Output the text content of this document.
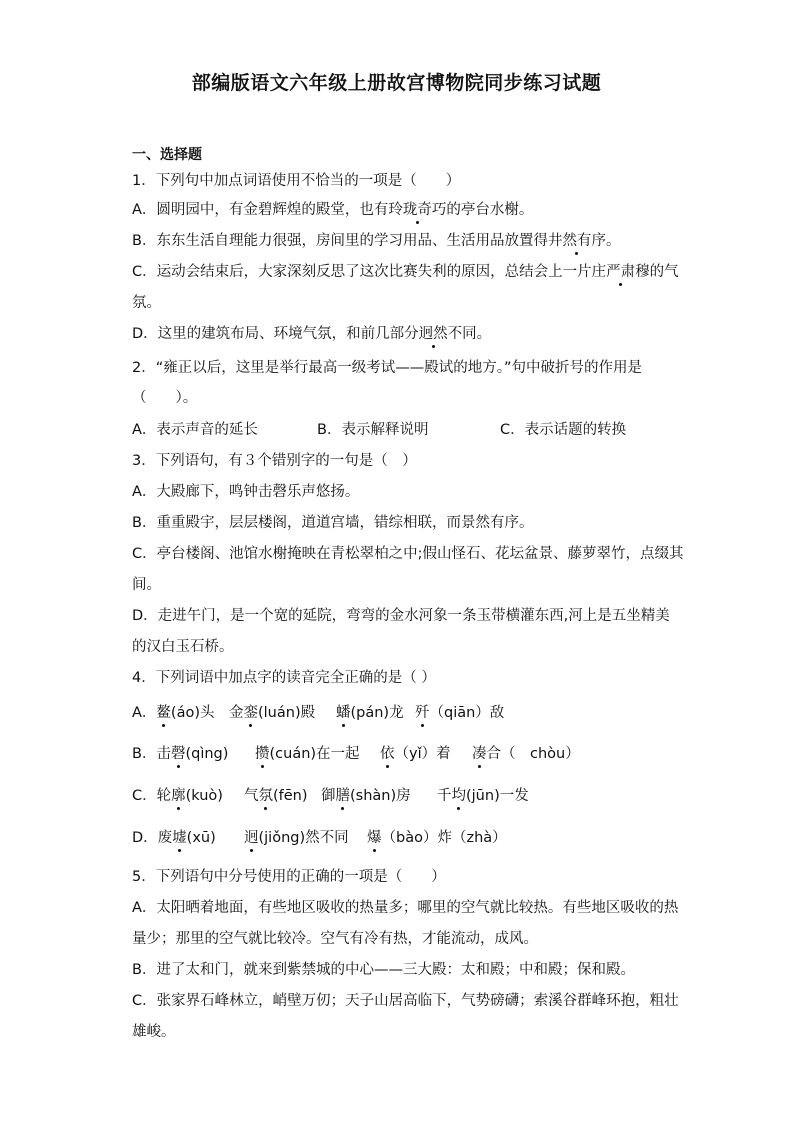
部编版语文六年级上册故宫博物院同步练习试题
一、选择题
1．下列句中加点词语使用不恰当的一项是（　　）
A．圆明园中，有金碧辉煌的殿堂，也有玲珑奇巧的亭台水榭。
B．东东生活自理能力很强，房间里的学习用品、生活用品放置得井然有序。
C．运动会结束后，大家深刻反思了这次比赛失利的原因，总结会上一片庄严肃穆的气
氛。
D．这里的建筑布局、环境气氛，和前几部分迥然不同。
2．“雍正以后，这里是举行最高一级考试——殿试的地方。”句中破折号的作用是
（　　）。
A．表示声音的延长	B．表示解释说明	C．表示话题的转换
3．下列语句，有３个错别字的一句是（　）
A．大殿廊下，鸣钟击磬乐声悠扬。
B．重重殿宇，层层楼阁，道道宫墙，错综相联，而景然有序。
C．亭台楼阁、池馆水榭掩映在青松翠柏之中;假山怪石、花坛盆景、藤萝翠竹，点缀其
间。
D．走进午门，是一个宽的延院，弯弯的金水河象一条玉带横灌东西,河上是五坐精美
的汉白玉石桥。
4．下列词语中加点字的读音完全正确的是（ ）
A．鳌(áo)头 金銮(luán)殿 蟠(pán)龙 歼（qiān）敌
B．击磬(qìng) 攒(cuán)在一起 依（yǐ）着 凑合（　chòu）
C．轮廓(kuò) 气氛(fēn) 御膳(shàn)房 千均(jūn)一发
D．废墟(xū) 迥(jiǒng)然不同 爆（bào）炸（zhà）
5．下列语句中分号使用的正确的一项是（　　）
A．太阳晒着地面，有些地区吸收的热量多；哪里的空气就比较热。有些地区吸收的热
量少；那里的空气就比较冷。空气有冷有热，才能流动，成风。
B．进了太和门，就来到紫禁城的中心——三大殿：太和殿；中和殿；保和殿。
C．张家界石峰林立，峭壁万仞；天子山居高临下，气势磅礴；索溪谷群峰环抱，粗壮
雄峻。
